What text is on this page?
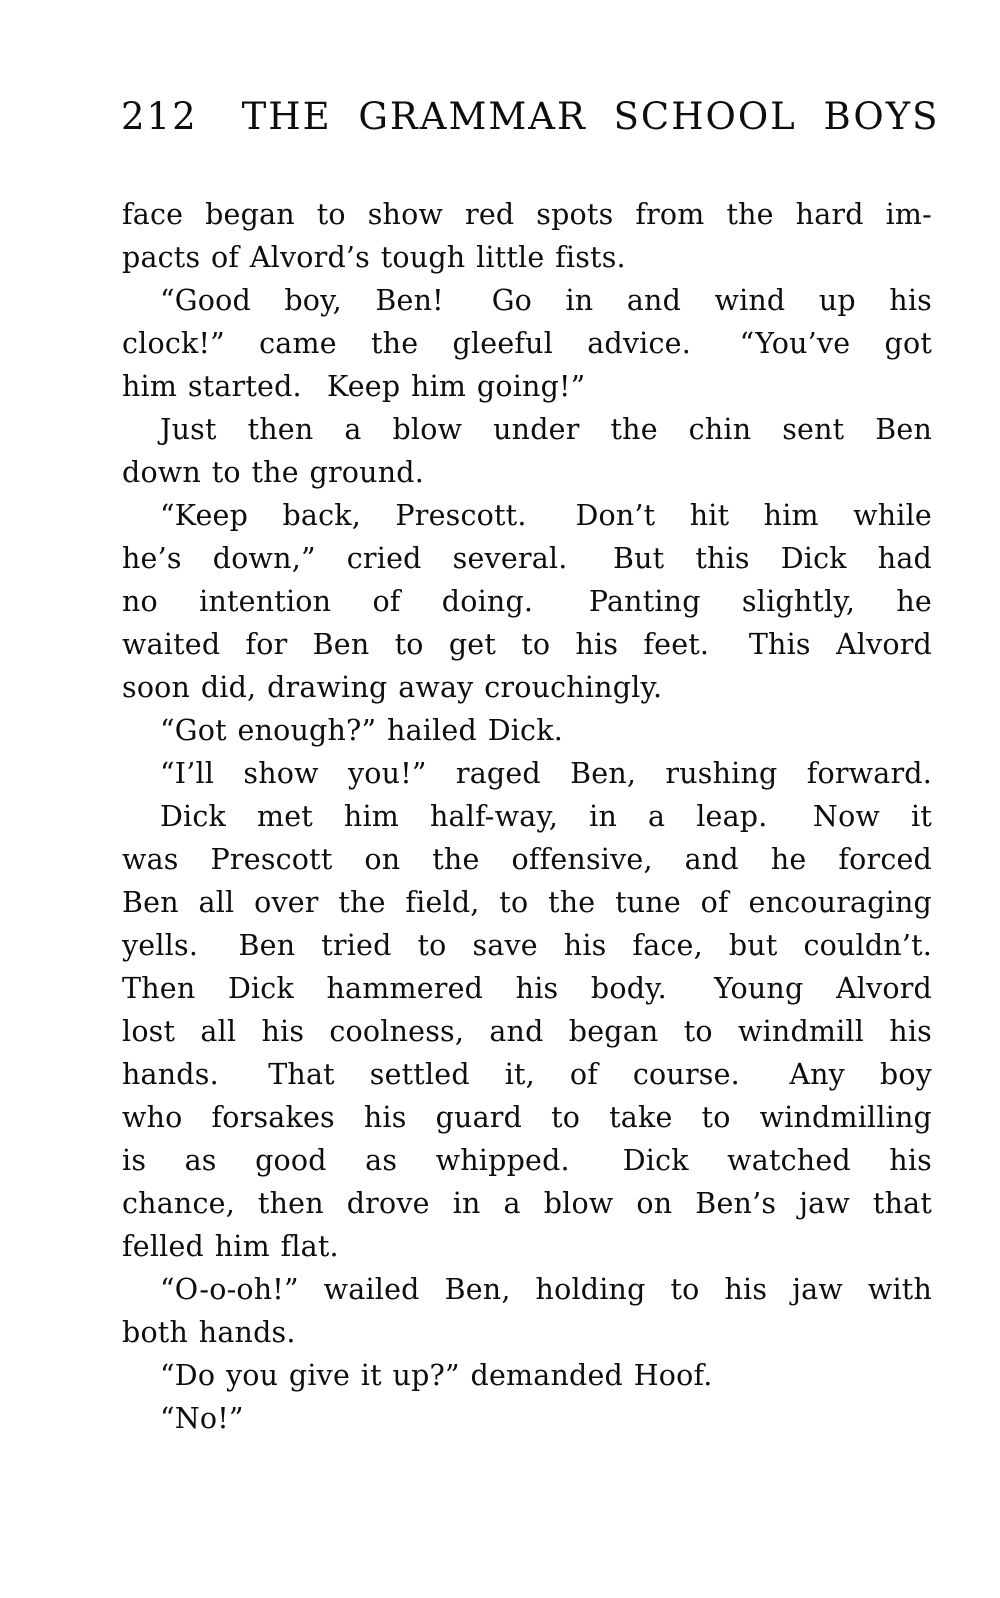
212 THE GRAMMAR SCHOOL BOYS
face began to show red spots from the hard im-
pacts of Alvord’s tough little fists.
“Good boy, Ben!  Go in and wind up his
clock!” came the gleeful advice.  “You’ve got
him started.  Keep him going!”
Just then a blow under the chin sent Ben
down to the ground.
“Keep back, Prescott.  Don’t hit him while
he’s down,” cried several.  But this Dick had
no intention of doing.  Panting slightly, he
waited for Ben to get to his feet.  This Alvord
soon did, drawing away crouchingly.
“Got enough?” hailed Dick.
“I’ll show you!” raged Ben, rushing forward.
Dick met him half-way, in a leap.  Now it
was Prescott on the offensive, and he forced
Ben all over the field, to the tune of encouraging
yells.  Ben tried to save his face, but couldn’t.
Then Dick hammered his body.  Young Alvord
lost all his coolness, and began to windmill his
hands.  That settled it, of course.  Any boy
who forsakes his guard to take to windmilling
is as good as whipped.  Dick watched his
chance, then drove in a blow on Ben’s jaw that
felled him flat.
“O-o-oh!” wailed Ben, holding to his jaw with
both hands.
“Do you give it up?” demanded Hoof.
“No!”
